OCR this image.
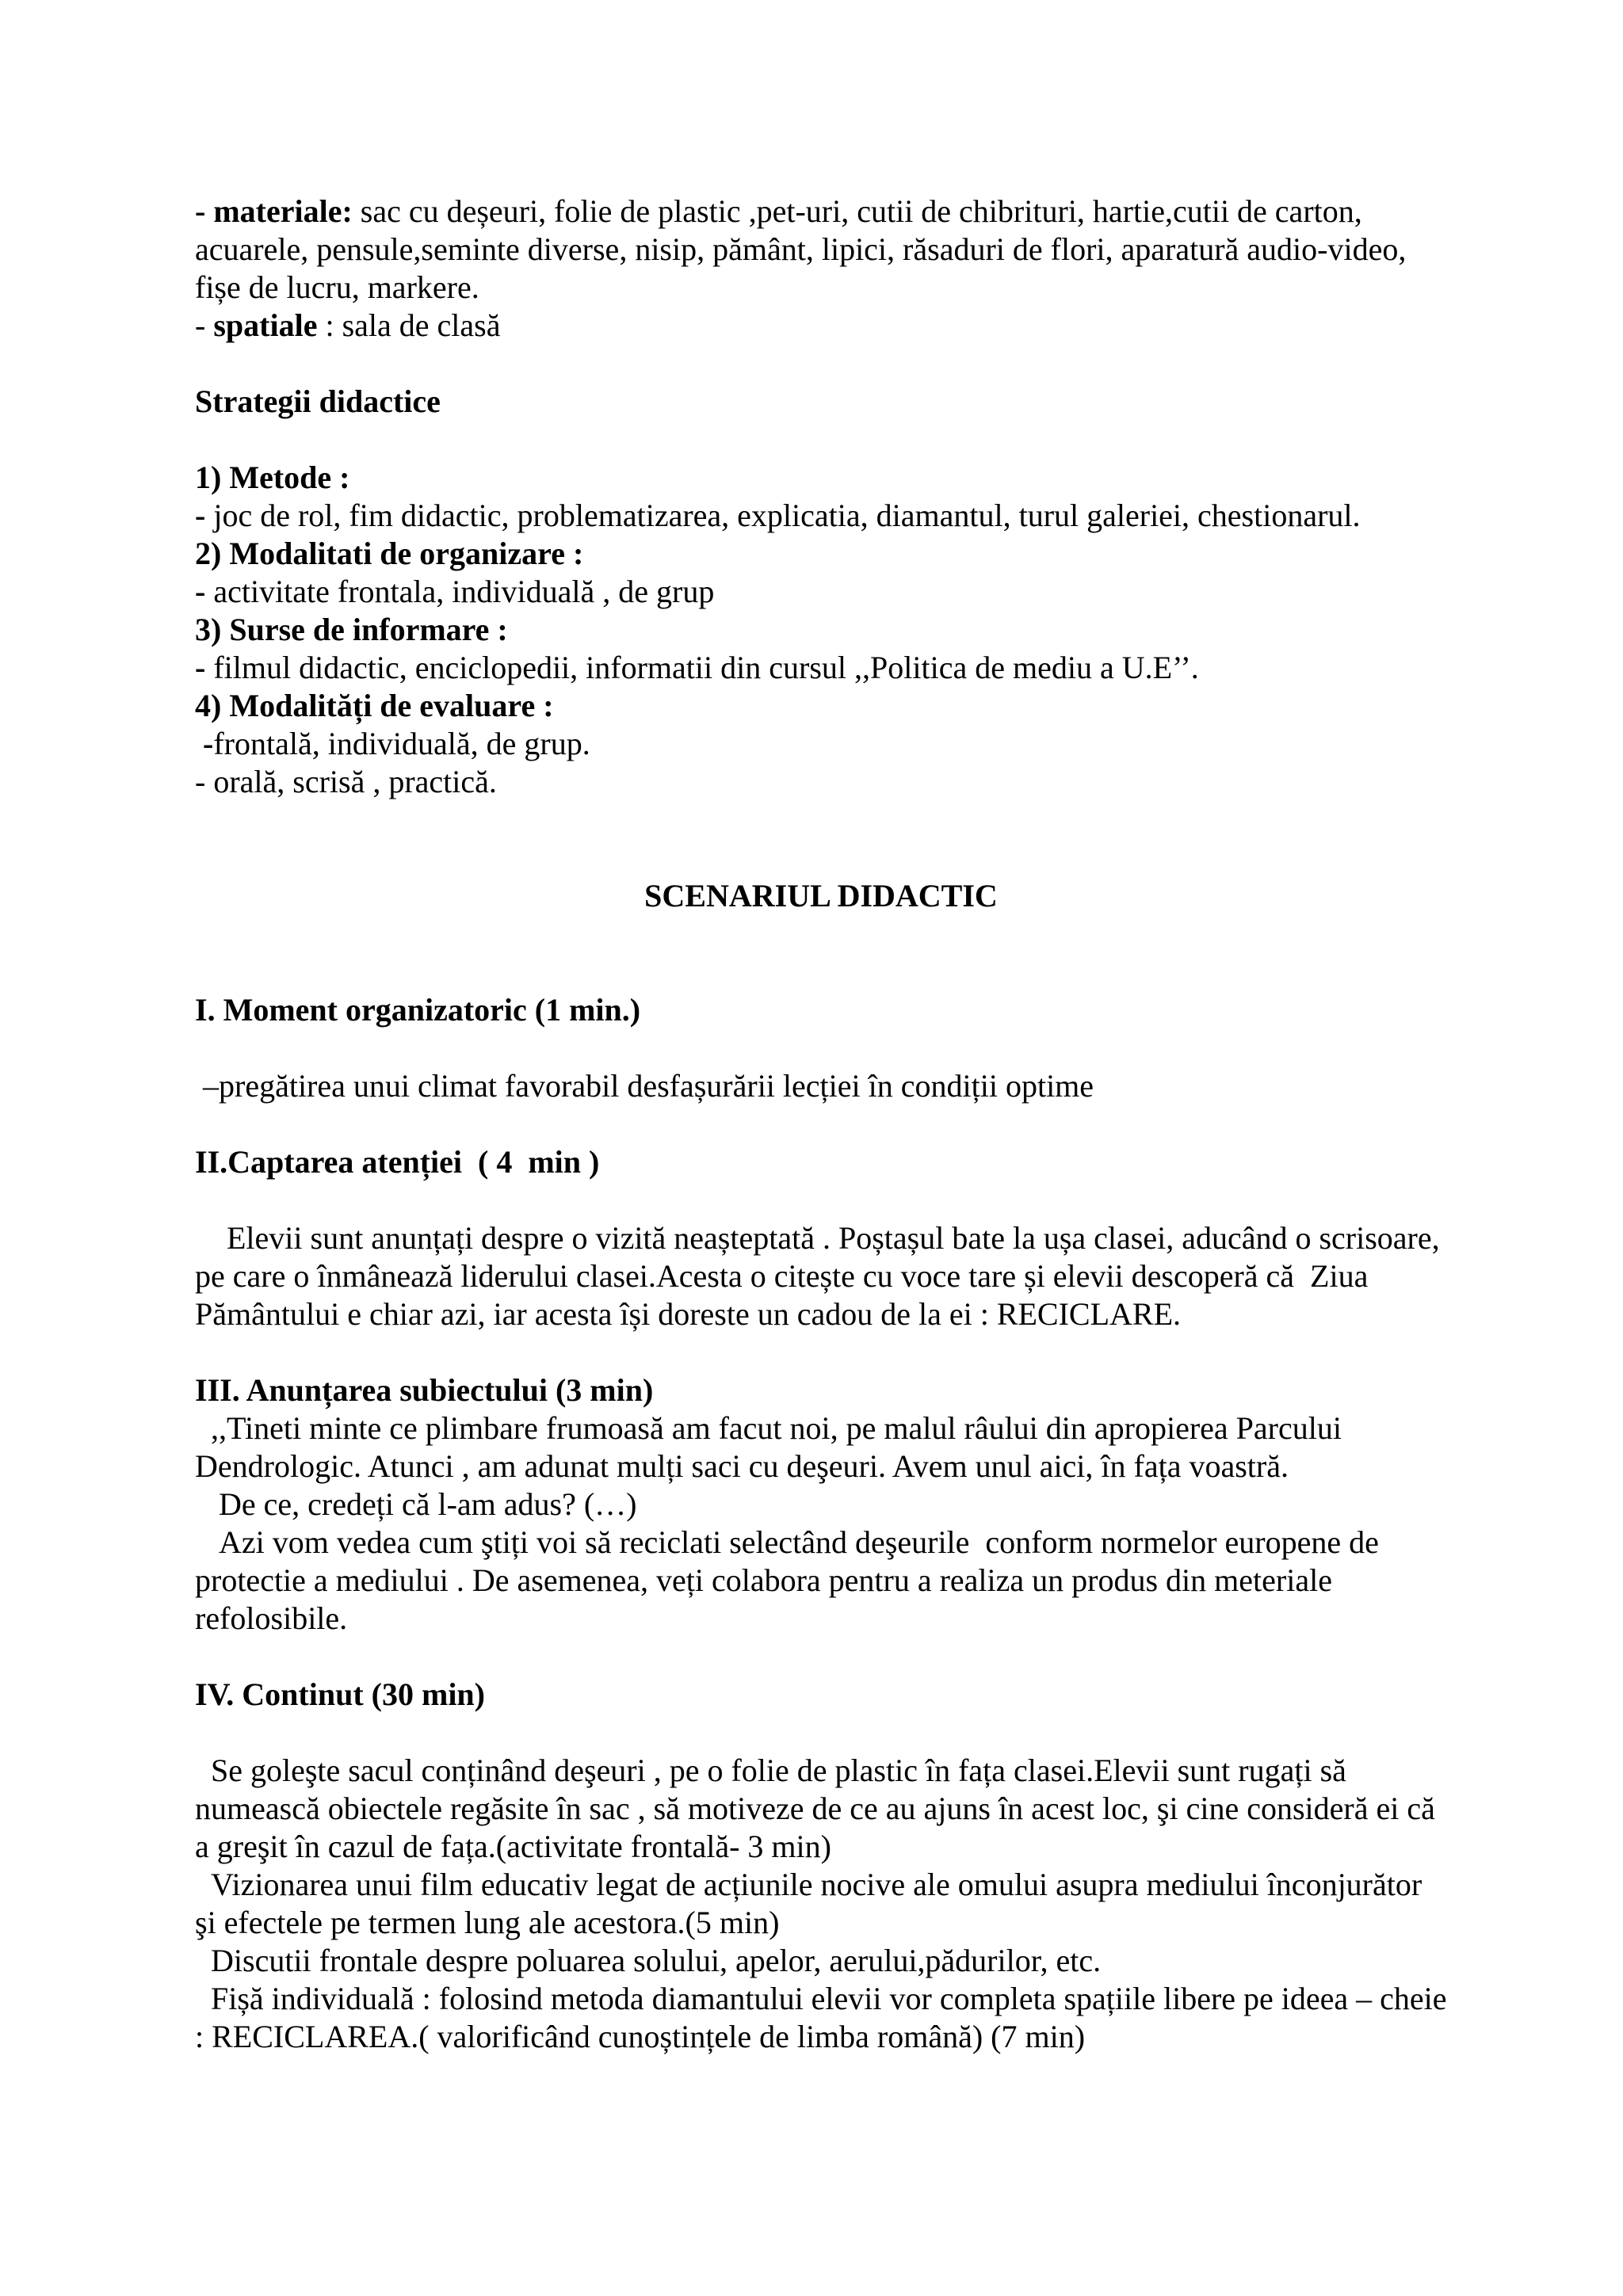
- materiale: sac cu deșeuri, folie de plastic ,pet-uri, cutii de chibrituri, hartie,cutii de carton, acuarele, pensule,seminte diverse, nisip, pământ, lipici, răsaduri de flori, aparatură audio-video, fișe de lucru, markere.

- spatiale : sala de clasă

Strategii didactice

1) Metode :

- joc de rol, fim didactic, problematizarea, explicatia, diamantul, turul galeriei, chestionarul.

2) Modalitati de organizare :

- activitate frontala, individuală , de grup

3) Surse de informare :

- filmul didactic, enciclopedii, informatii din cursul ,,Politica de mediu a U.E’’.

4) Modalități de evaluare :

-frontală, individuală, de grup.

- orală, scrisă , practică.

SCENARIUL DIDACTIC

I. Moment organizatoric (1 min.)

–pregătirea unui climat favorabil desfașurării lecției în condiții optime

II.Captarea atenției  ( 4  min )

Elevii sunt anunțați despre o vizită neașteptată . Poștașul bate la ușa clasei, aducând o scrisoare, pe care o înmânează liderului clasei.Acesta o citește cu voce tare și elevii descoperă că  Ziua Pământului e chiar azi, iar acesta își doreste un cadou de la ei : RECICLARE.

III. Anunțarea subiectului (3 min)

,,Tineti minte ce plimbare frumoasă am facut noi, pe malul râului din apropierea Parcului Dendrologic. Atunci , am adunat mulți saci cu deşeuri. Avem unul aici, în fața voastră.

De ce, credeți că l-am adus? (…)

Azi vom vedea cum ştiți voi să reciclati selectând deşeurile  conform normelor europene de protectie a mediului . De asemenea, veți colabora pentru a realiza un produs din meteriale refolosibile.

IV. Continut (30 min)

Se goleşte sacul conținând deşeuri , pe o folie de plastic în fața clasei.Elevii sunt rugați să numească obiectele regăsite în sac , să motiveze de ce au ajuns în acest loc, şi cine consideră ei că a greşit în cazul de fața.(activitate frontală- 3 min)

Vizionarea unui film educativ legat de acțiunile nocive ale omului asupra mediului înconjurător şi efectele pe termen lung ale acestora.(5 min)

Discutii frontale despre poluarea solului, apelor, aerului,pădurilor, etc.

Fișă individuală : folosind metoda diamantului elevii vor completa spațiile libere pe ideea – cheie : RECICLAREA.( valorificând cunoștințele de limba română) (7 min)
